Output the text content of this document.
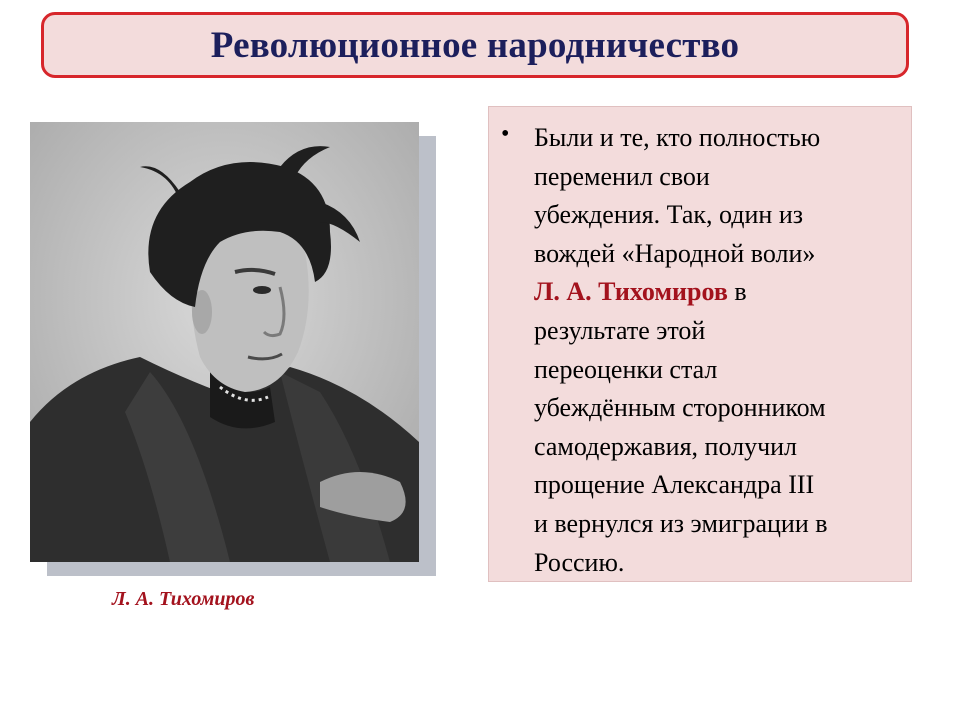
Революционное народничество
Л. А. Тихомиров
• Были и те, кто полностью
переменил свои
убеждения. Так, один из
вождей «Народной воли»
Л. А. Тихомиров в
результате этой
переоценки стал
убеждённым сторонником
самодержавия, получил
прощение Александра III
и вернулся из эмиграции в
Россию.
